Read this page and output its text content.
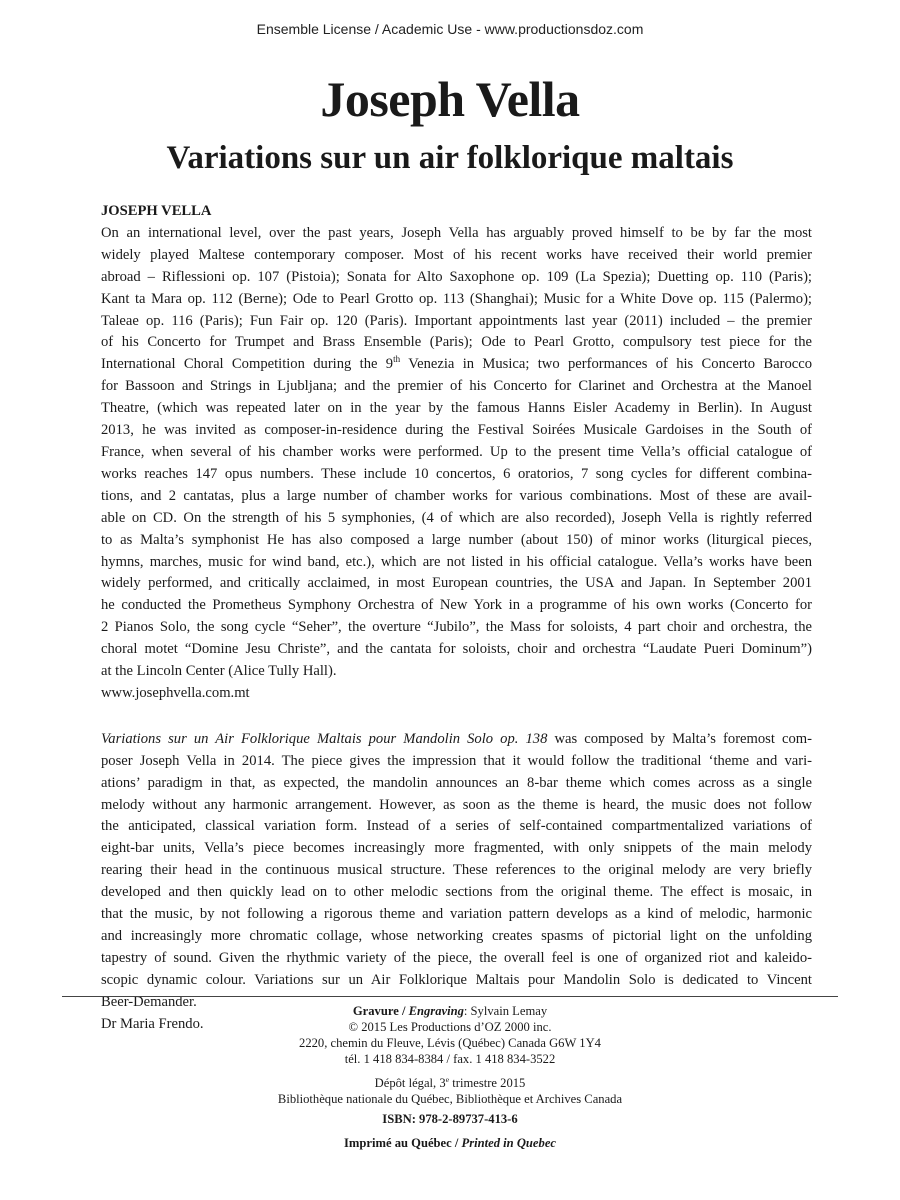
Ensemble License / Academic Use - www.productionsdoz.com
Joseph Vella
Variations sur un air folklorique maltais

JOSEPH VELLA

On an international level, over the past years, Joseph Vella has arguably proved himself to be by far the most
widely played Maltese contemporary composer. Most of his recent works have received their world premier
abroad – Riflessioni op. 107 (Pistoia); Sonata for Alto Saxophone op. 109 (La Spezia); Duetting op. 110 (Paris);
Kant ta Mara op. 112 (Berne); Ode to Pearl Grotto op. 113 (Shanghai); Music for a White Dove op. 115 (Palermo);
Taleae op. 116 (Paris); Fun Fair op. 120 (Paris). Important appointments last year (2011) included – the premier
of his Concerto for Trumpet and Brass Ensemble (Paris); Ode to Pearl Grotto, compulsory test piece for the
International Choral Competition during the 9th Venezia in Musica; two performances of his Concerto Barocco
for Bassoon and Strings in Ljubljana; and the premier of his Concerto for Clarinet and Orchestra at the Manoel
Theatre, (which was repeated later on in the year by the famous Hanns Eisler Academy in Berlin). In August
2013, he was invited as composer-in-residence during the Festival Soirées Musicale Gardoises in the South of
France, when several of his chamber works were performed. Up to the present time Vella’s official catalogue of
works reaches 147 opus numbers. These include 10 concertos, 6 oratorios, 7 song cycles for different combina-
tions, and 2 cantatas, plus a large number of chamber works for various combinations. Most of these are avail-
able on CD. On the strength of his 5 symphonies, (4 of which are also recorded), Joseph Vella is rightly referred
to as Malta’s symphonist He has also composed a large number (about 150) of minor works (liturgical pieces,
hymns, marches, music for wind band, etc.), which are not listed in his official catalogue. Vella’s works have been
widely performed, and critically acclaimed, in most European countries, the USA and Japan. In September 2001
he conducted the Prometheus Symphony Orchestra of New York in a programme of his own works (Concerto for
2 Pianos Solo, the song cycle “Seher”, the overture “Jubilo”, the Mass for soloists, 4 part choir and orchestra, the
choral motet “Domine Jesu Christe”, and the cantata for soloists, choir and orchestra “Laudate Pueri Dominum”)
at the Lincoln Center (Alice Tully Hall).

www.josephvella.com.mt

Variations sur un Air Folklorique Maltais pour Mandolin Solo op. 138 was composed by Malta’s foremost com-
poser Joseph Vella in 2014. The piece gives the impression that it would follow the traditional ‘theme and vari-
ations’ paradigm in that, as expected, the mandolin announces an 8-bar theme which comes across as a single
melody without any harmonic arrangement. However, as soon as the theme is heard, the music does not follow
the anticipated, classical variation form. Instead of a series of self-contained compartmentalized variations of
eight-bar units, Vella’s piece becomes increasingly more fragmented, with only snippets of the main melody
rearing their head in the continuous musical structure. These references to the original melody are very briefly
developed and then quickly lead on to other melodic sections from the original theme. The effect is mosaic, in
that the music, by not following a rigorous theme and variation pattern develops as a kind of melodic, harmonic
and increasingly more chromatic collage, whose networking creates spasms of pictorial light on the unfolding
tapestry of sound. Given the rhythmic variety of the piece, the overall feel is one of organized riot and kaleido-
scopic dynamic colour. Variations sur un Air Folklorique Maltais pour Mandolin Solo is dedicated to Vincent
Beer-Demander.

Dr Maria Frendo.

Gravure / Engraving: Sylvain Lemay
© 2015 Les Productions d’OZ 2000 inc.
2220, chemin du Fleuve, Lévis (Québec) Canada G6W 1Y4
tél. 1 418 834-8384 / fax. 1 418 834-3522
Dépôt légal, 3e trimestre 2015
Bibliothèque nationale du Québec, Bibliothèque et Archives Canada
ISBN: 978-2-89737-413-6
Imprimé au Québec / Printed in Quebec
